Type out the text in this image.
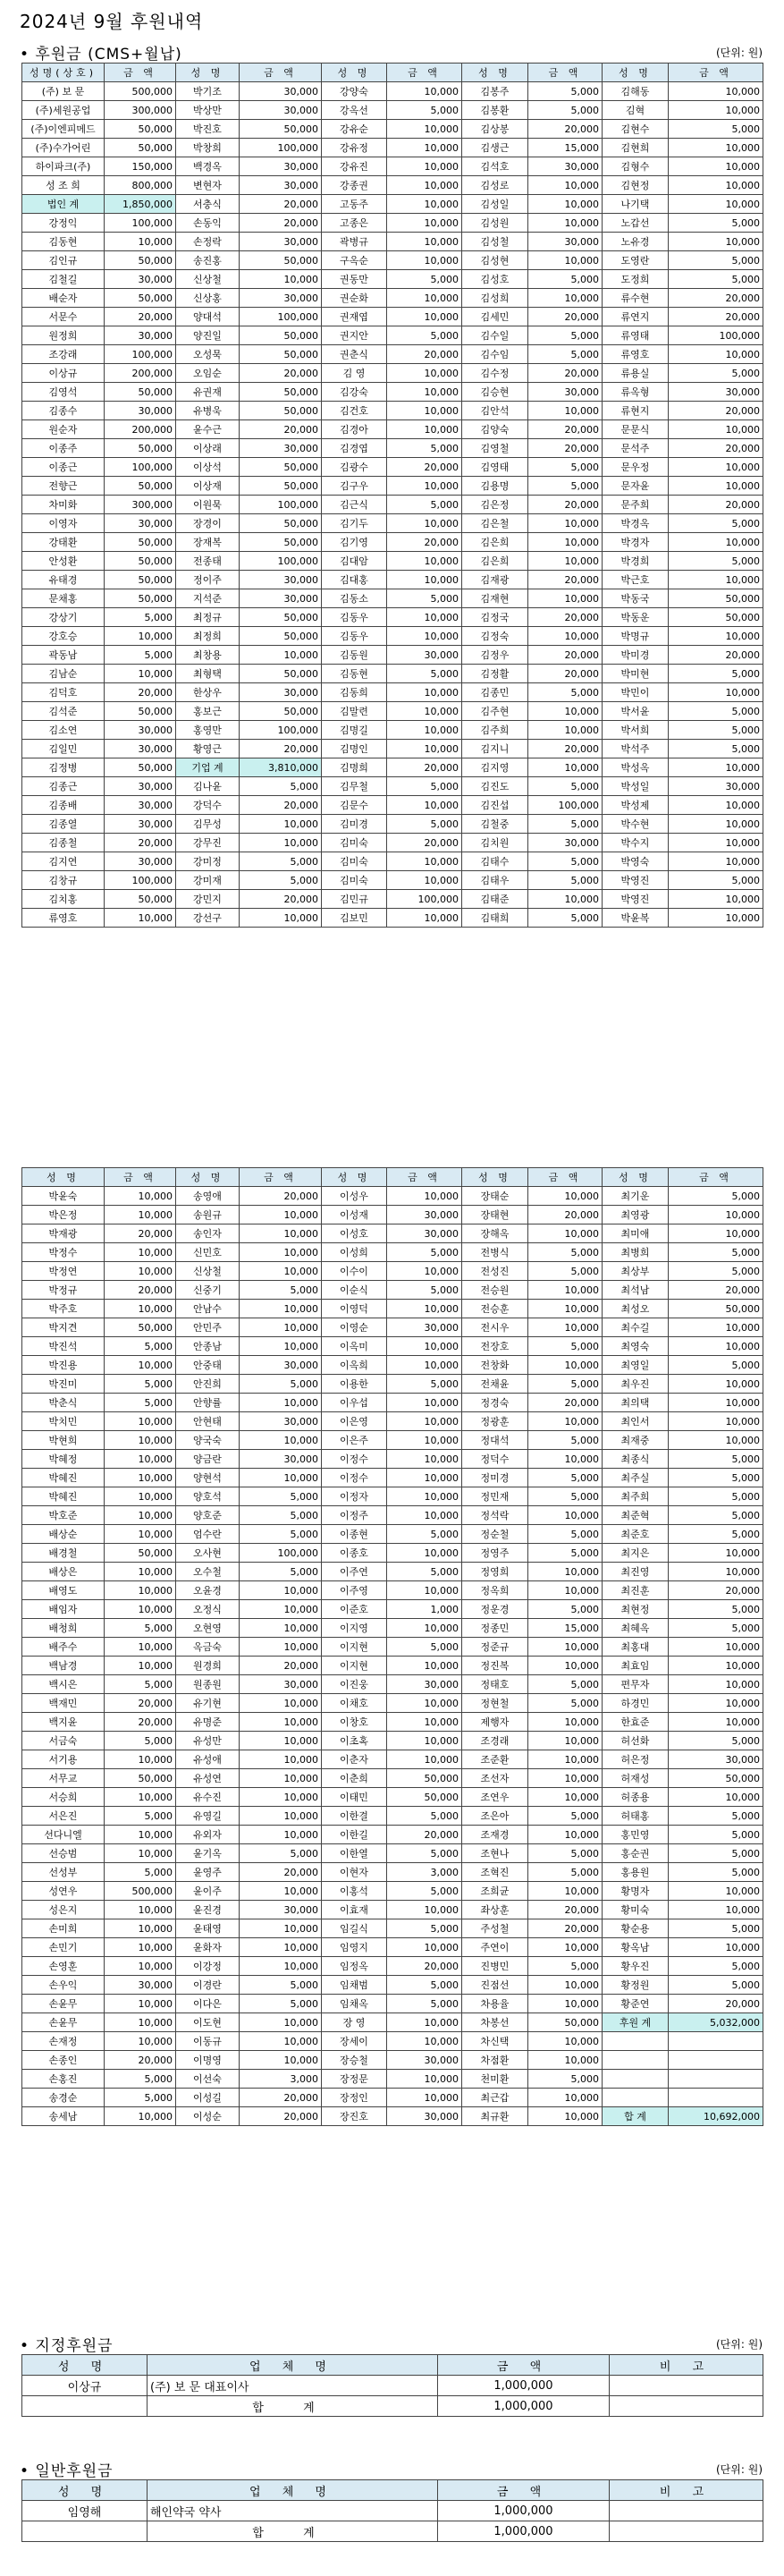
2024년 9월 후원내역
• 후원금 (CMS+월납)	(단위: 원)
성명(상호)	금 액	성 명	금 액	성 명	금 액	성 명	금 액	성 명	금 액
(주) 보 문	500,000	박기조	30,000	강양숙	10,000	김봉주	5,000	김해동	10,000
(주)세원공업	300,000	박상만	30,000	강옥선	5,000	김봉환	5,000	김혁	10,000
(주)이엔피메드	50,000	박진호	50,000	강유순	10,000	김상봉	20,000	김현수	5,000
(주)수가어린	50,000	박창희	100,000	강유정	10,000	김생근	15,000	김현희	10,000
하이파크(주)	150,000	백경옥	30,000	강유진	10,000	김석호	30,000	김형수	10,000
성 조 희	800,000	변현자	30,000	강종권	10,000	김성로	10,000	김현정	10,000
법인 계	1,850,000	서충식	20,000	고동주	10,000	김성일	10,000	나기택	10,000
강정익	100,000	손동익	20,000	고종은	10,000	김성원	10,000	노갑선	5,000
김동현	10,000	손정락	30,000	곽병규	10,000	김성철	30,000	노유경	10,000
김인규	50,000	송진홍	50,000	구옥순	10,000	김성현	10,000	도영란	5,000
김철길	30,000	신상철	10,000	권동만	5,000	김성호	5,000	도정희	5,000
배순자	50,000	신상홍	30,000	권순화	10,000	김성희	10,000	류수현	20,000
서문수	20,000	양대석	100,000	권재엽	10,000	김세민	20,000	류연지	20,000
원정희	30,000	양진일	50,000	권지안	5,000	김수일	5,000	류영태	100,000
조강래	100,000	오성묵	50,000	권춘식	20,000	김수임	5,000	류영호	10,000
이상규	200,000	오임순	20,000	김 영	10,000	김수정	20,000	류용실	5,000
김영석	50,000	유권재	50,000	김강숙	10,000	김승현	30,000	류옥형	30,000
김종수	30,000	유병욱	50,000	김건호	10,000	김안석	10,000	류현지	20,000
원순자	200,000	윤수근	20,000	김경아	10,000	김양숙	20,000	문문식	10,000
이종주	50,000	이상래	30,000	김경엽	5,000	김영철	20,000	문석주	20,000
이종근	100,000	이상석	50,000	김광수	20,000	김영태	5,000	문우정	10,000
전향근	50,000	이상재	50,000	김구우	10,000	김용명	5,000	문자윤	10,000
차미화	300,000	이원묵	100,000	김근식	5,000	김은정	20,000	문주희	20,000
이영자	30,000	장경이	50,000	김기두	10,000	김은철	10,000	박경옥	5,000
강태환	50,000	장재복	50,000	김기영	20,000	김은희	10,000	박경자	10,000
안성환	50,000	전종태	100,000	김대암	10,000	김은희	10,000	박경희	5,000
유태경	50,000	정이주	30,000	김대홍	10,000	김재광	20,000	박근호	10,000
문채홍	50,000	지석준	30,000	김동소	5,000	김재현	10,000	박동국	50,000
강상기	5,000	최정규	50,000	김동우	10,000	김정국	20,000	박동운	50,000
강호승	10,000	최정희	50,000	김동우	10,000	김정숙	10,000	박명규	10,000
곽동남	5,000	최창용	10,000	김동원	30,000	김정우	20,000	박미경	20,000
김남순	10,000	최형택	50,000	김동현	5,000	김정활	20,000	박미현	5,000
김덕호	20,000	한상우	30,000	김동희	10,000	김종민	5,000	박민이	10,000
김석준	50,000	홍보근	50,000	김말련	10,000	김주현	10,000	박서윤	5,000
김소연	30,000	홍영만	100,000	김명길	10,000	김주희	10,000	박서희	5,000
김일민	30,000	황영근	20,000	김명인	10,000	김지니	20,000	박석주	5,000
김정병	50,000	기업 계	3,810,000	김명희	20,000	김지영	10,000	박성옥	10,000
김종근	30,000	김나윤	5,000	김무철	5,000	김진도	5,000	박성일	30,000
김종배	30,000	강덕수	20,000	김문수	10,000	김진섭	100,000	박성제	10,000
김종열	30,000	김무성	10,000	김미경	5,000	김철중	5,000	박수현	10,000
김종철	20,000	강무진	10,000	김미숙	20,000	김치원	30,000	박수지	10,000
김지연	30,000	강미정	5,000	김미숙	10,000	김태수	5,000	박영숙	10,000
김창규	100,000	강미재	5,000	김미숙	10,000	김태우	5,000	박영진	5,000
김치홍	50,000	강민지	20,000	김민규	100,000	김태준	10,000	박영진	10,000
류영호	10,000	강선구	10,000	김보민	10,000	김태희	5,000	박윤복	10,000
성 명	금 액	성 명	금 액	성 명	금 액	성 명	금 액	성 명	금 액
박윤숙	10,000	송영애	20,000	이성우	10,000	장태순	10,000	최기운	5,000
박은정	10,000	송원규	10,000	이성재	30,000	장태현	20,000	최영광	10,000
박재광	20,000	송인자	10,000	이성호	30,000	장해옥	10,000	최미애	10,000
박정수	10,000	신민호	10,000	이성희	5,000	전병식	5,000	최병희	5,000
박정연	10,000	신상철	10,000	이수이	10,000	전성진	5,000	최상부	5,000
박정규	20,000	신중기	5,000	이순식	5,000	전승원	10,000	최석남	20,000
박주호	10,000	안남수	10,000	이영덕	10,000	전승훈	10,000	최성오	50,000
박지견	50,000	안민주	10,000	이영순	30,000	전시우	10,000	최수길	10,000
박진석	5,000	안종남	10,000	이옥미	10,000	전장호	5,000	최영숙	10,000
박진용	10,000	안중태	30,000	이옥희	10,000	전창화	10,000	최영일	5,000
박진미	5,000	안진희	5,000	이용한	5,000	전채윤	5,000	최우진	10,000
박춘식	5,000	안향률	10,000	이우섭	10,000	정경숙	20,000	최의택	10,000
박치민	10,000	안현태	30,000	이은영	10,000	정광훈	10,000	최인서	10,000
박현희	10,000	양국숙	10,000	이은주	10,000	정대석	5,000	최재중	10,000
박혜정	10,000	양금란	30,000	이정수	10,000	정덕수	10,000	최종식	5,000
박혜진	10,000	양현석	10,000	이정수	10,000	정미경	5,000	최주실	5,000
박혜진	10,000	양호석	5,000	이정자	10,000	정민재	5,000	최주희	5,000
박호준	10,000	양호준	5,000	이정주	10,000	정석락	10,000	최준혁	5,000
배상순	10,000	엄수란	5,000	이종현	5,000	정순철	5,000	최준호	5,000
배경철	50,000	오사현	100,000	이종호	10,000	정영주	5,000	최지은	10,000
배상은	10,000	오수철	5,000	이주연	5,000	정영희	10,000	최진영	10,000
배영도	10,000	오윤경	10,000	이주영	10,000	정옥희	10,000	최진훈	20,000
배임자	10,000	오정식	10,000	이준호	1,000	정운경	5,000	최현정	5,000
배청희	5,000	오현영	10,000	이지영	10,000	정종민	15,000	최혜옥	5,000
배주수	10,000	옥금숙	10,000	이지현	5,000	정준규	10,000	최홍대	10,000
백남경	10,000	원경희	20,000	이지현	10,000	정진복	10,000	최효임	10,000
백시은	5,000	원종원	30,000	이진웅	30,000	정태호	5,000	편무자	10,000
백재민	20,000	유기현	10,000	이채호	10,000	정현철	5,000	하경민	10,000
백지윤	20,000	유명준	10,000	이창호	10,000	제행자	10,000	한효준	10,000
서금숙	5,000	유성만	10,000	이초혹	10,000	조경래	10,000	허선화	5,000
서기용	10,000	유성애	10,000	이춘자	10,000	조준환	10,000	허은정	30,000
서무교	50,000	유성연	10,000	이춘희	50,000	조선자	10,000	허재성	50,000
서승희	10,000	유수진	10,000	이태민	50,000	조연우	10,000	허종용	10,000
서은진	5,000	유영길	10,000	이한결	5,000	조은아	5,000	허태홍	5,000
선다니엘	10,000	유외자	10,000	이한길	20,000	조재경	10,000	홍민영	5,000
선승범	10,000	윤기옥	5,000	이한열	5,000	조현나	5,000	홍순권	5,000
선성부	5,000	윤영주	20,000	이현자	3,000	조혁진	5,000	홍용원	5,000
성연우	500,000	윤이주	10,000	이홍석	5,000	조희균	10,000	황명자	10,000
성은지	10,000	윤진경	30,000	이효재	10,000	좌상훈	20,000	황미숙	10,000
손미희	10,000	윤태영	10,000	임길식	5,000	주성철	20,000	황순용	5,000
손민기	10,000	윤화자	10,000	임영지	10,000	주연이	10,000	황옥남	10,000
손영훈	10,000	이강정	10,000	임정옥	20,000	진병민	5,000	황우진	5,000
손우익	30,000	이경란	5,000	임채범	5,000	진점선	10,000	황정원	5,000
손윤무	10,000	이다은	5,000	임채옥	5,000	차용율	10,000	황준연	20,000
손윤무	10,000	이도현	10,000	장 영	10,000	차봉선	50,000	후원 계	5,032,000
손재정	10,000	이동규	10,000	장세이	10,000	차신택	10,000		
손종인	20,000	이명영	10,000	장승철	30,000	차점환	10,000		
손홍진	5,000	이선숙	3,000	장정문	10,000	천미환	5,000		
송경순	5,000	이성길	20,000	장정인	10,000	최근갑	10,000		
송세남	10,000	이성순	20,000	장진호	30,000	최규환	10,000	합 계	10,692,000
• 지정후원금	(단위: 원)
성 명	업 체 명	금 액	비 고
이상규	(주) 보 문 대표이사	1,000,000	
	합 계	1,000,000	
• 일반후원금	(단위: 원)
성 명	업 체 명	금 액	비 고
임영해	해인약국 약사	1,000,000	
	합 계	1,000,000	
